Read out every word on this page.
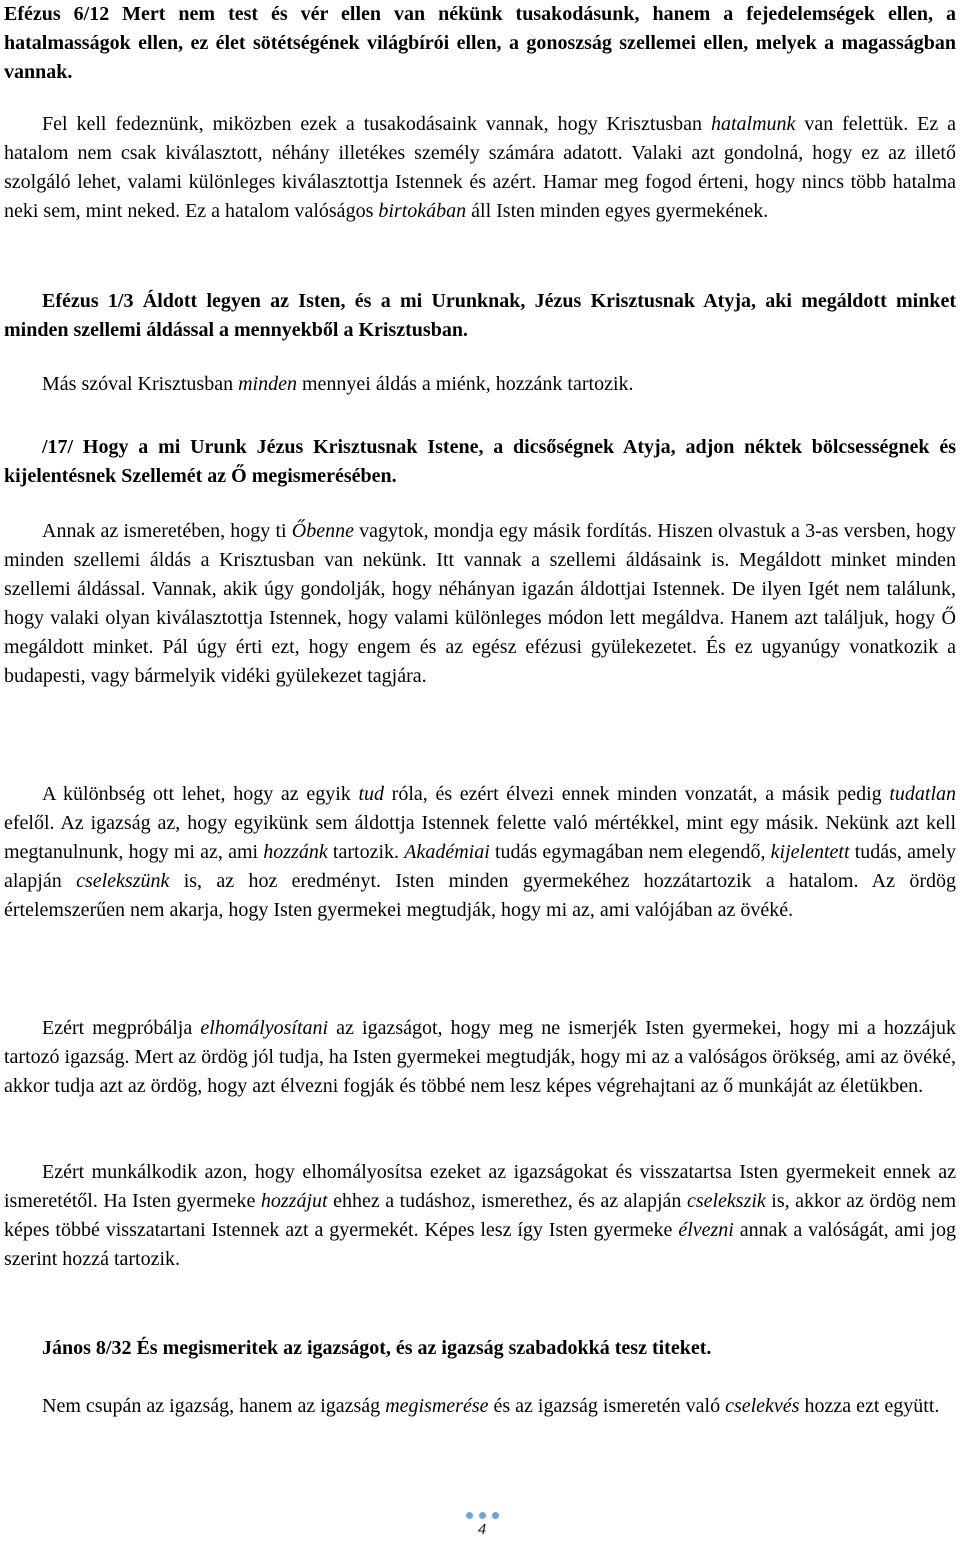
Efézus 6/12 Mert nem test és vér ellen van nékünk tusakodásunk, hanem a fejedelemségek ellen, a hatalmasságok ellen, ez élet sötétségének világbírói ellen, a gonoszság szellemei ellen, melyek a magasságban vannak.

Fel kell fedeznünk, miközben ezek a tusakodásaink vannak, hogy Krisztusban hatalmunk van felettük. Ez a hatalom nem csak kiválasztott, néhány illetékes személy számára adatott. Valaki azt gondolná, hogy ez az illető szolgáló lehet, valami különleges kiválasztottja Istennek és azért. Hamar meg fogod érteni, hogy nincs több hatalma neki sem, mint neked. Ez a hatalom valóságos birtokában áll Isten minden egyes gyermekének.

Efézus 1/3 Áldott legyen az Isten, és a mi Urunknak, Jézus Krisztusnak Atyja, aki megáldott minket minden szellemi áldással a mennyekből a Krisztusban.

Más szóval Krisztusban minden mennyei áldás a miénk, hozzánk tartozik.

/17/ Hogy a mi Urunk Jézus Krisztusnak Istene, a dicsőségnek Atyja, adjon néktek bölcsességnek és kijelentésnek Szellemét az Ő megismerésében.

Annak az ismeretében, hogy ti Őbenne vagytok, mondja egy másik fordítás. Hiszen olvastuk a 3-as versben, hogy minden szellemi áldás a Krisztusban van nekünk. Itt vannak a szellemi áldásaink is. Megáldott minket minden szellemi áldással. Vannak, akik úgy gondolják, hogy néhányan igazán áldottjai Istennek. De ilyen Igét nem találunk, hogy valaki olyan kiválasztottja Istennek, hogy valami különleges módon lett megáldva. Hanem azt találjuk, hogy Ő megáldott minket. Pál úgy érti ezt, hogy engem és az egész efézusi gyülekezetet. És ez ugyanúgy vonatkozik a budapesti, vagy bármelyik vidéki gyülekezet tagjára.

A különbség ott lehet, hogy az egyik tud róla, és ezért élvezi ennek minden vonzatát, a másik pedig tudatlan efelől. Az igazság az, hogy egyikünk sem áldottja Istennek felette való mértékkel, mint egy másik. Nekünk azt kell megtanulnunk, hogy mi az, ami hozzánk tartozik. Akadémiai tudás egymagában nem elegendő, kijelentett tudás, amely alapján cselekszünk is, az hoz eredményt. Isten minden gyermekéhez hozzátartozik a hatalom. Az ördög értelemszerűen nem akarja, hogy Isten gyermekei megtudják, hogy mi az, ami valójában az övéké.

Ezért megpróbálja elhomályosítani az igazságot, hogy meg ne ismerjék Isten gyermekei, hogy mi a hozzájuk tartozó igazság. Mert az ördög jól tudja, ha Isten gyermekei megtudják, hogy mi az a valóságos örökség, ami az övéké, akkor tudja azt az ördög, hogy azt élvezni fogják és többé nem lesz képes végrehajtani az ő munkáját az életükben.

Ezért munkálkodik azon, hogy elhomályosítsa ezeket az igazságokat és visszatartsa Isten gyermekeit ennek az ismeretétől. Ha Isten gyermeke hozzájut ehhez a tudáshoz, ismerethez, és az alapján cselekszik is, akkor az ördög nem képes többé visszatartani Istennek azt a gyermekét. Képes lesz így Isten gyermeke élvezni annak a valóságát, ami jog szerint hozzá tartozik.

János 8/32 És megismeritek az igazságot, és az igazság szabadokká tesz titeket.

Nem csupán az igazság, hanem az igazság megismerése és az igazság ismeretén való cselekvés hozza ezt együtt.

4
